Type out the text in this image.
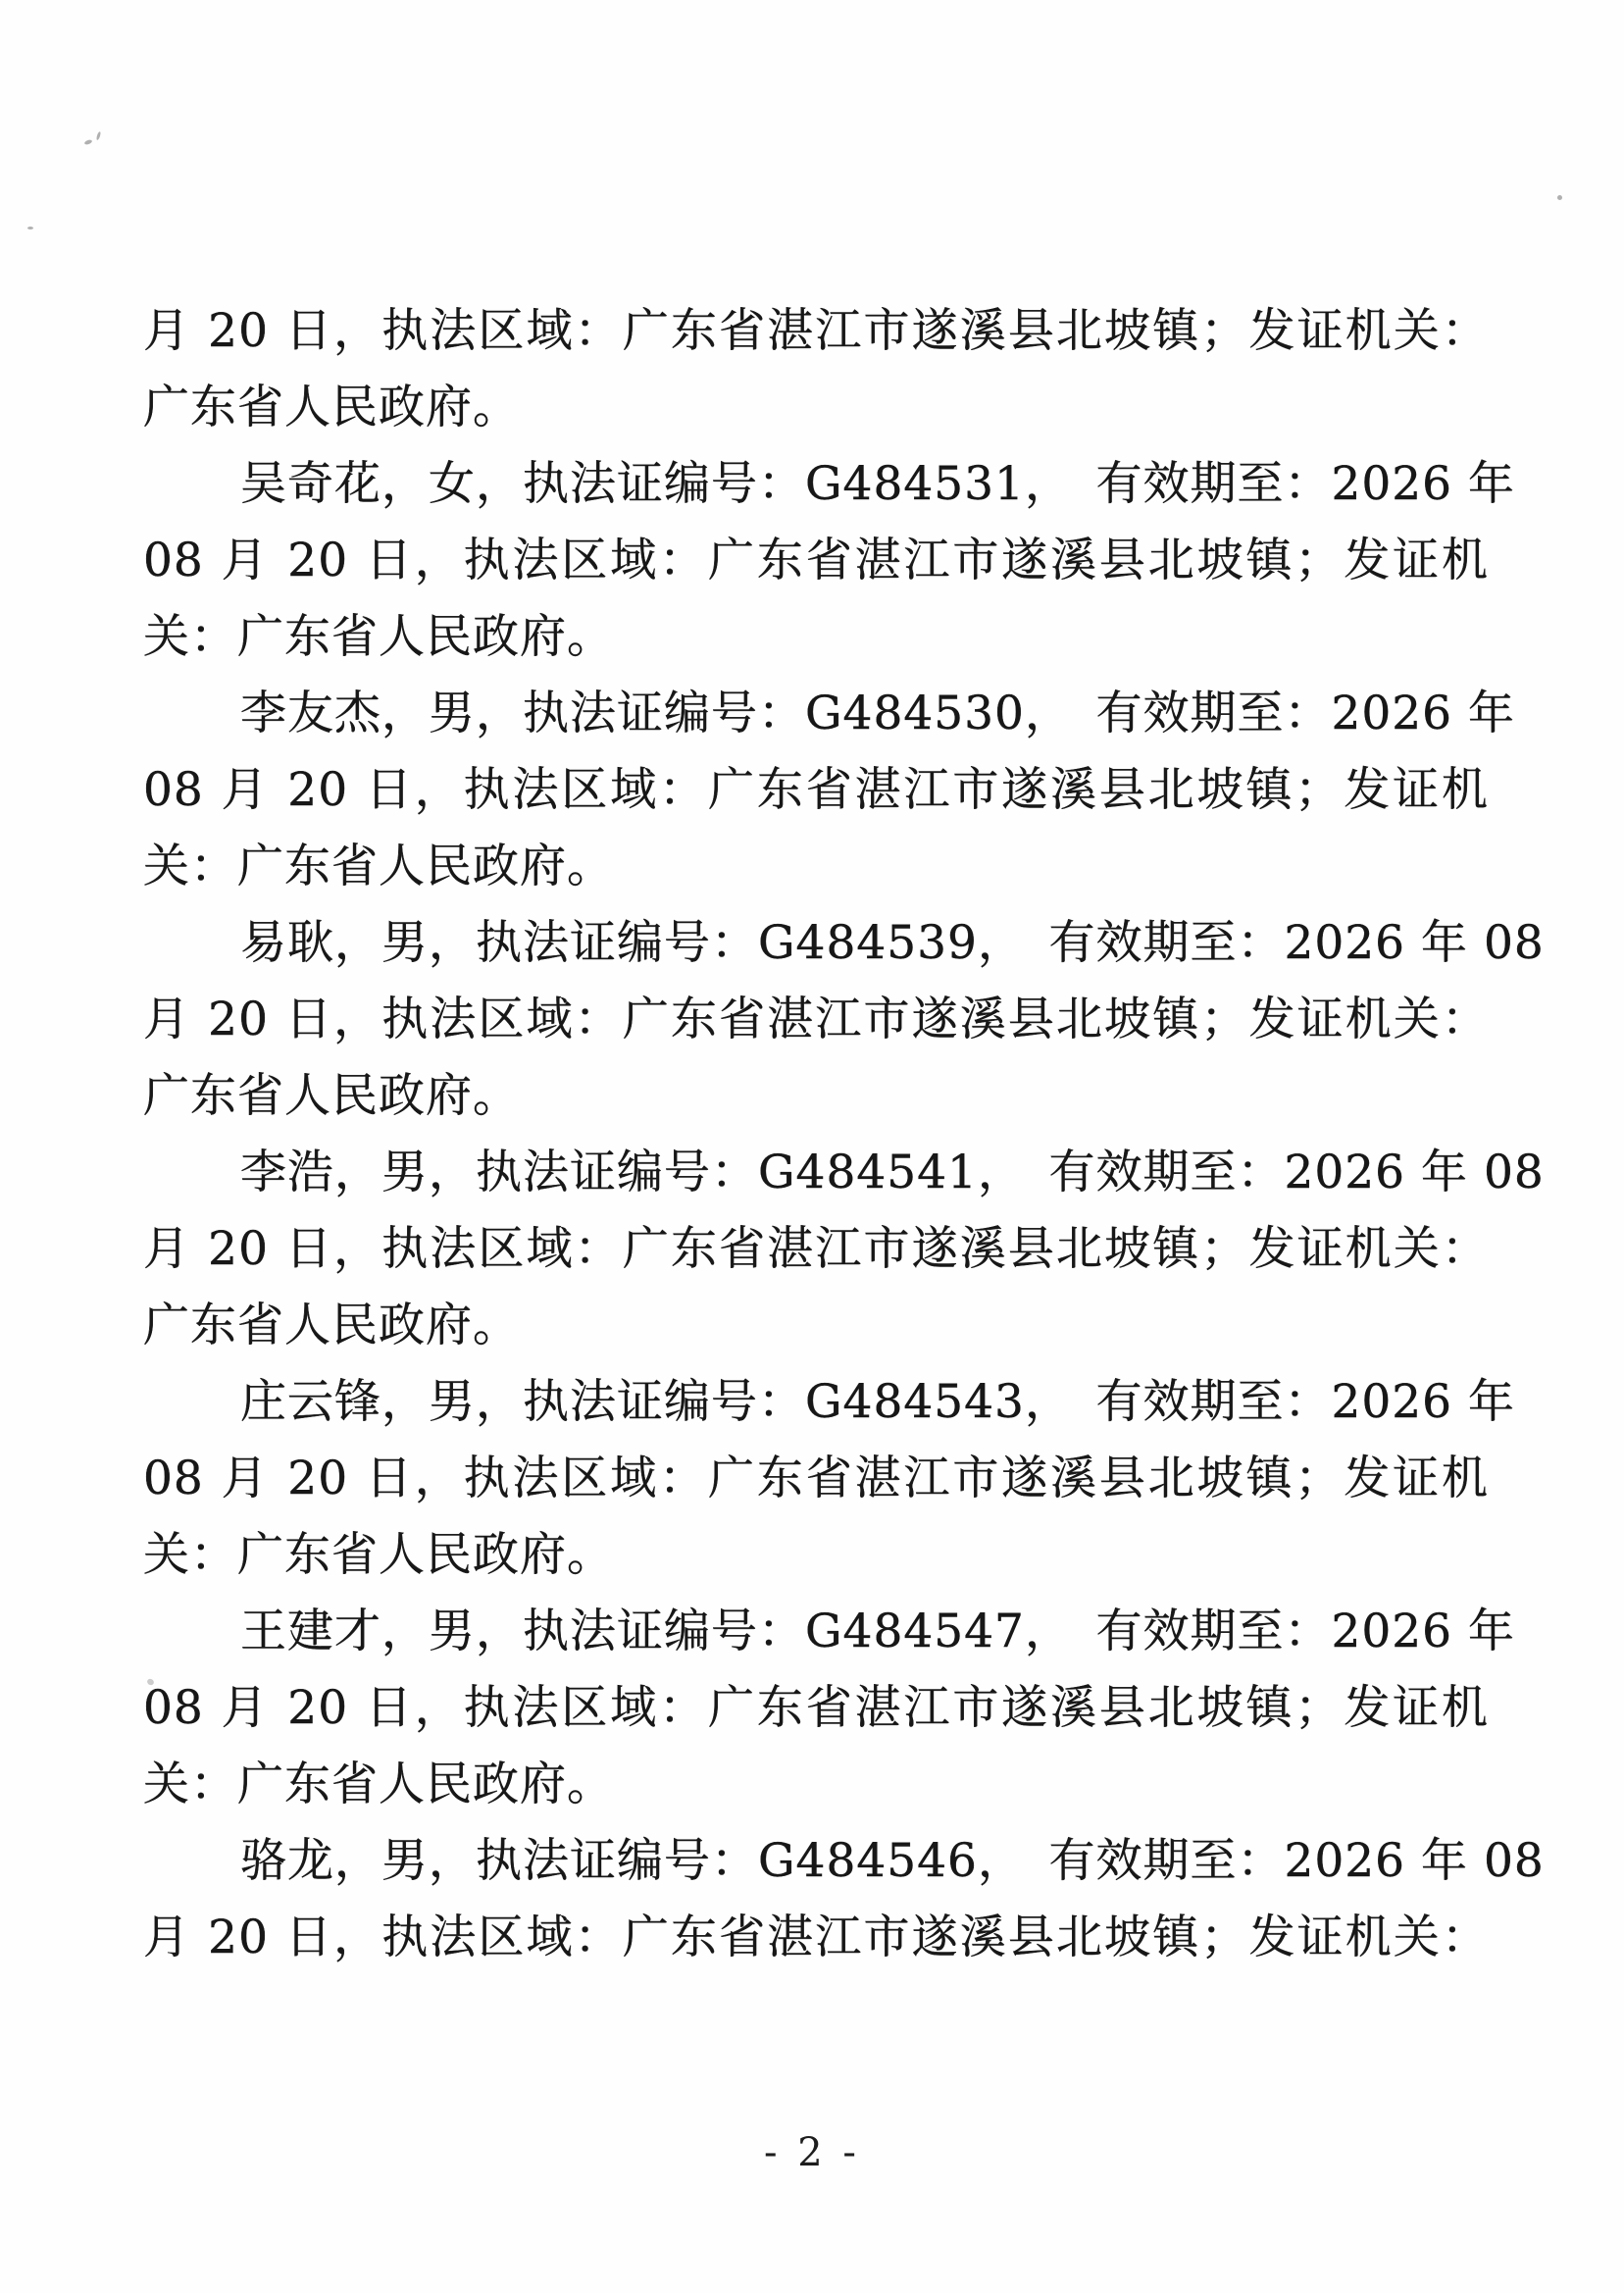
月 20 日，执法区域：广东省湛江市遂溪县北坡镇；发证机关：
广东省人民政府。
吴奇花，女，执法证编号：G484531，　有效期至：2026 年
08 月 20 日，执法区域：广东省湛江市遂溪县北坡镇；发证机
关：广东省人民政府。
李友杰，男，执法证编号：G484530，　有效期至：2026 年
08 月 20 日，执法区域：广东省湛江市遂溪县北坡镇；发证机
关：广东省人民政府。
易耿，男，执法证编号：G484539，　有效期至：2026 年 08
月 20 日，执法区域：广东省湛江市遂溪县北坡镇；发证机关：
广东省人民政府。
李浩，男，执法证编号：G484541，　有效期至：2026 年 08
月 20 日，执法区域：广东省湛江市遂溪县北坡镇；发证机关：
广东省人民政府。
庄云锋，男，执法证编号：G484543，　有效期至：2026 年
08 月 20 日，执法区域：广东省湛江市遂溪县北坡镇；发证机
关：广东省人民政府。
王建才，男，执法证编号：G484547，　有效期至：2026 年
08 月 20 日，执法区域：广东省湛江市遂溪县北坡镇；发证机
关：广东省人民政府。
骆龙，男，执法证编号：G484546，　有效期至：2026 年 08
月 20 日，执法区域：广东省湛江市遂溪县北坡镇；发证机关：
- 2 -
